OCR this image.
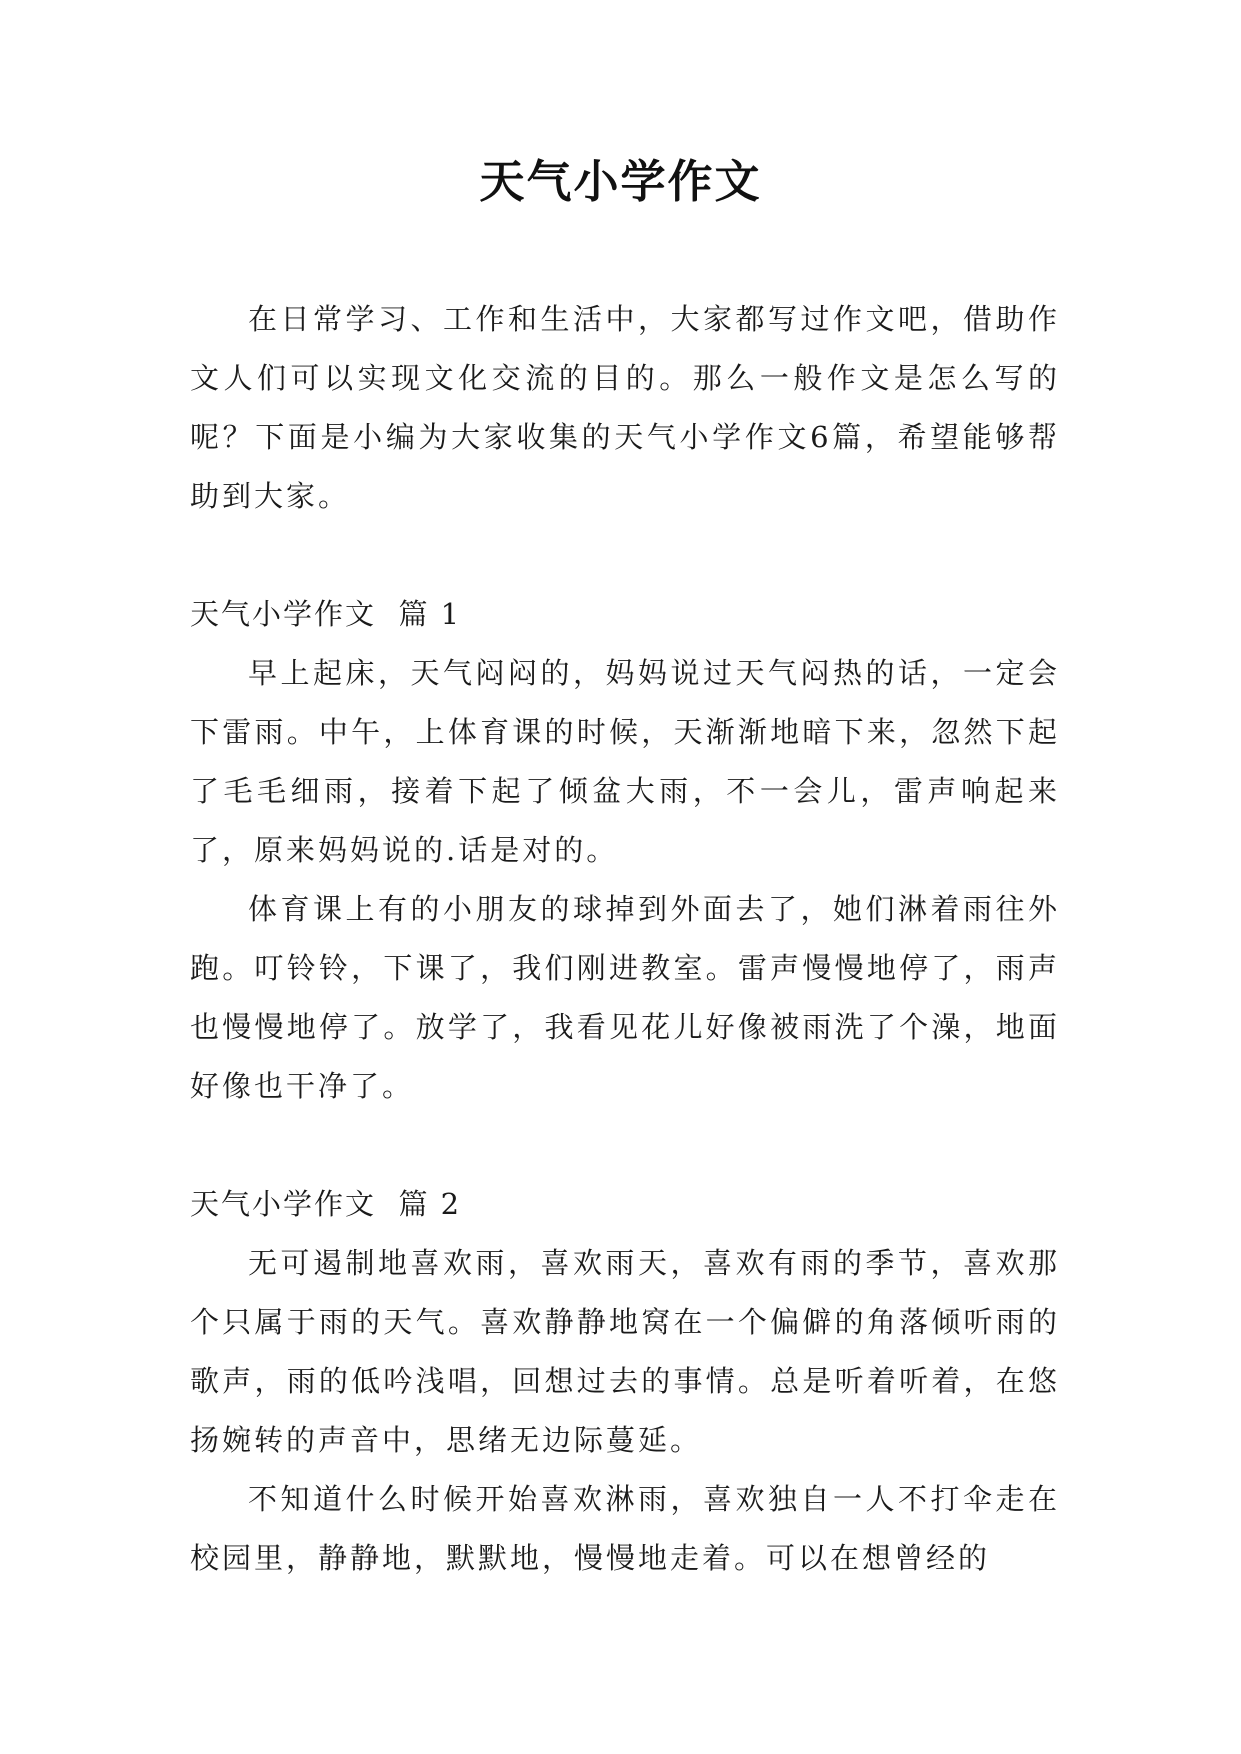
天气小学作文

在日常学习、工作和生活中，大家都写过作文吧，借助作文人们可以实现文化交流的目的。那么一般作文是怎么写的呢？下面是小编为大家收集的天气小学作文6篇，希望能够帮助到大家。

天气小学作文 篇 1

早上起床，天气闷闷的，妈妈说过天气闷热的话，一定会下雷雨。中午，上体育课的时候，天渐渐地暗下来，忽然下起了毛毛细雨，接着下起了倾盆大雨，不一会儿，雷声响起来了，原来妈妈说的.话是对的。

体育课上有的小朋友的球掉到外面去了，她们淋着雨往外跑。叮铃铃，下课了，我们刚进教室。雷声慢慢地停了，雨声也慢慢地停了。放学了，我看见花儿好像被雨洗了个澡，地面好像也干净了。

天气小学作文 篇 2

无可遏制地喜欢雨，喜欢雨天，喜欢有雨的季节，喜欢那个只属于雨的天气。喜欢静静地窝在一个偏僻的角落倾听雨的歌声，雨的低吟浅唱，回想过去的事情。总是听着听着，在悠扬婉转的声音中，思绪无边际蔓延。

不知道什么时候开始喜欢淋雨，喜欢独自一人不打伞走在校园里，静静地，默默地，慢慢地走着。可以在想曾经的
